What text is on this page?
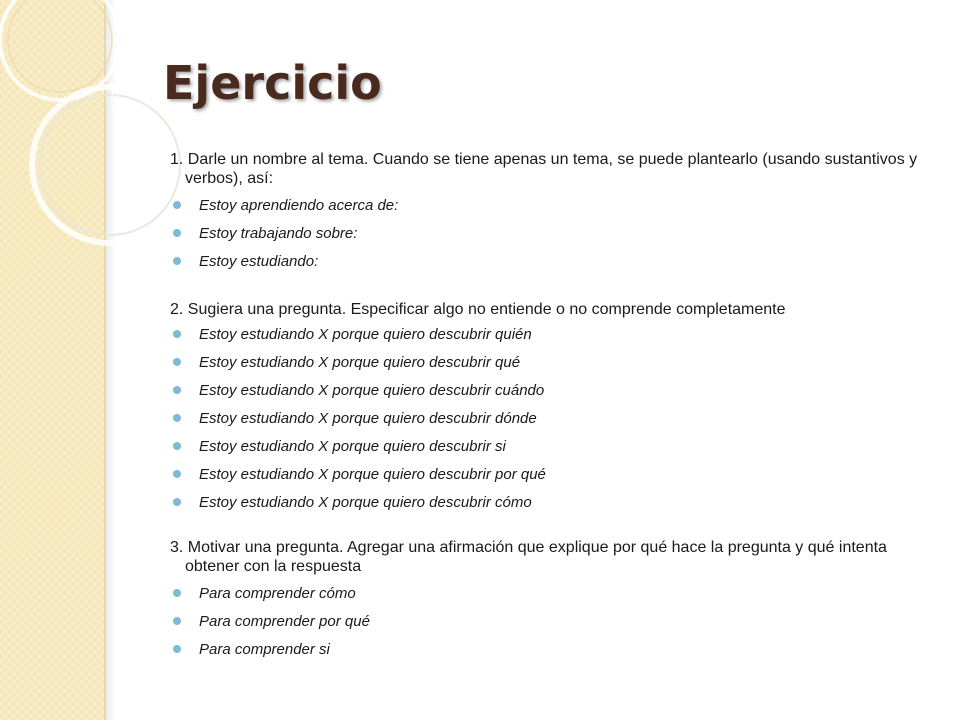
Ejercicio

1. Darle un nombre al tema. Cuando se tiene apenas un tema, se puede plantearlo (usando sustantivos y verbos), así:

Estoy aprendiendo acerca de:
Estoy trabajando sobre:
Estoy estudiando:

2. Sugiera una pregunta. Especificar algo no entiende o no comprende completamente

Estoy estudiando X porque quiero descubrir quién
Estoy estudiando X porque quiero descubrir qué
Estoy estudiando X porque quiero descubrir cuándo
Estoy estudiando X porque quiero descubrir dónde
Estoy estudiando X porque quiero descubrir si
Estoy estudiando X porque quiero descubrir por qué
Estoy estudiando X porque quiero descubrir cómo

3. Motivar una pregunta. Agregar una afirmación que explique por qué hace la pregunta y qué intenta obtener con la respuesta

Para comprender cómo
Para comprender por qué
Para comprender si
